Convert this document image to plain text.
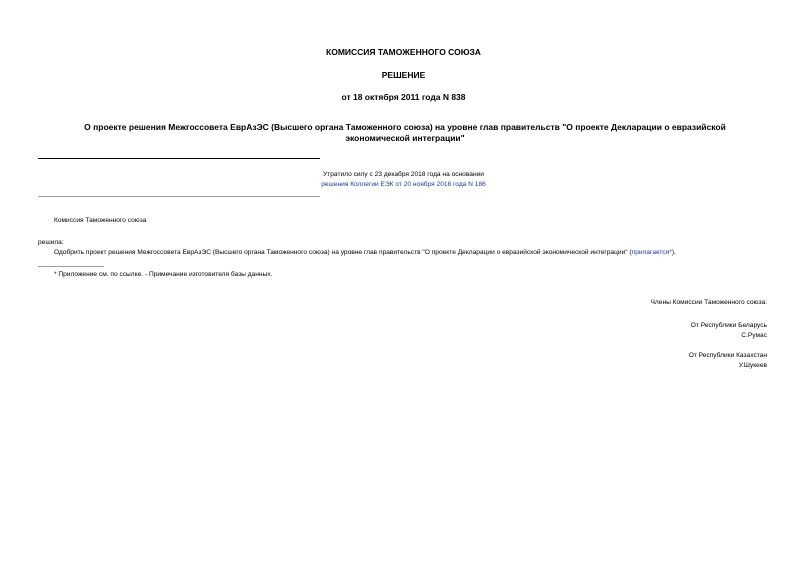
КОМИССИЯ ТАМОЖЕННОГО СОЮЗА
РЕШЕНИЕ
от 18 октября 2011 года N 838
О проекте решения Межгоссовета ЕврАзЭС (Высшего органа Таможенного союза) на уровне глав правительств "О проекте Декларации о евразийской экономической интеграции"
Утратило силу с 23 декабря 2018 года на основании
решения Коллегии ЕЭК от 20 ноября 2018 года N 186
Комиссия Таможенного союза
решила:
Одобрить проект решения Межгоссовета ЕврАзЭС (Высшего органа Таможенного союза) на уровне глав правительств "О проекте Декларации о евразийской экономической интеграции" (прилагается*).
* Приложение см. по ссылке. - Примечание изготовителя базы данных.
Члены Комиссии Таможенного союза:
От Республики Беларусь
С.Румас
От Республики Казахстан
У.Шукеев
